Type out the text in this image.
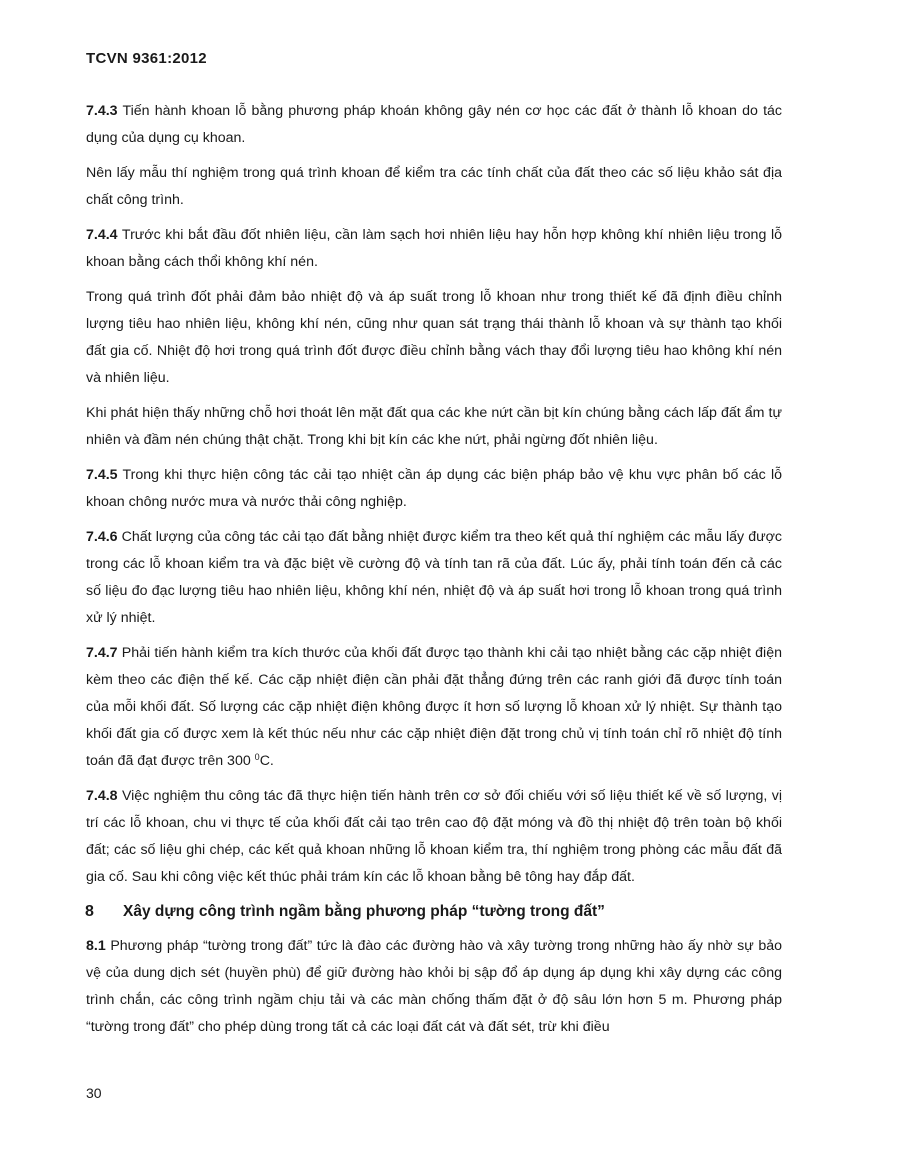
TCVN 9361:2012

7.4.3 Tiến hành khoan lỗ bằng phương pháp khoán không gây nén cơ học các đất ở thành lỗ khoan do tác dụng của dụng cụ khoan.

Nên lấy mẫu thí nghiệm trong quá trình khoan để kiểm tra các tính chất của đất theo các số liệu khảo sát địa chất công trình.

7.4.4 Trước khi bắt đầu đốt nhiên liệu, cần làm sạch hơi nhiên liệu hay hỗn hợp không khí nhiên liệu trong lỗ khoan bằng cách thổi không khí nén.

Trong quá trình đốt phải đảm bảo nhiệt độ và áp suất trong lỗ khoan như trong thiết kế đã định điều chỉnh lượng tiêu hao nhiên liệu, không khí nén, cũng như quan sát trạng thái thành lỗ khoan và sự thành tạo khối đất gia cố. Nhiệt độ hơi trong quá trình đốt được điều chỉnh bằng vách thay đổi lượng tiêu hao không khí nén và nhiên liệu.

Khi phát hiện thấy những chỗ hơi thoát lên mặt đất qua các khe nứt cần bịt kín chúng bằng cách lấp đất ẩm tự nhiên và đầm nén chúng thật chặt. Trong khi bịt kín các khe nứt, phải ngừng đốt nhiên liệu.

7.4.5 Trong khi thực hiện công tác cải tạo nhiệt cần áp dụng các biện pháp bảo vệ khu vực phân bố các lỗ khoan chông nước mưa và nước thải công nghiệp.

7.4.6 Chất lượng của công tác cải tạo đất bằng nhiệt được kiểm tra theo kết quả thí nghiệm các mẫu lấy được trong các lỗ khoan kiểm tra và đặc biệt về cường độ và tính tan rã của đất. Lúc ấy, phải tính toán đến cả các số liệu đo đạc lượng tiêu hao nhiên liệu, không khí nén, nhiệt độ và áp suất hơi trong lỗ khoan trong quá trình xử lý nhiệt.

7.4.7 Phải tiến hành kiểm tra kích thước của khối đất được tạo thành khi cải tạo nhiệt bằng các cặp nhiệt điện kèm theo các điện thế kế. Các cặp nhiệt điện cần phải đặt thẳng đứng trên các ranh giới đã được tính toán của mỗi khối đất. Số lượng các cặp nhiệt điện không được ít hơn số lượng lỗ khoan xử lý nhiệt. Sự thành tạo khối đất gia cố được xem là kết thúc nếu như các cặp nhiệt điện đặt trong chủ vị tính toán chỉ rõ nhiệt độ tính toán đã đạt được trên 300 $^0$C.

7.4.8 Việc nghiệm thu công tác đã thực hiện tiến hành trên cơ sở đối chiếu với số liệu thiết kế về số lượng, vị trí các lỗ khoan, chu vi thực tế của khối đất cải tạo trên cao độ đặt móng và đồ thị nhiệt độ trên toàn bộ khối đất; các số liệu ghi chép, các kết quả khoan những lỗ khoan kiểm tra, thí nghiệm trong phòng các mẫu đất đã gia cố. Sau khi công việc kết thúc phải trám kín các lỗ khoan bằng bê tông hay đắp đất.

8 Xây dựng công trình ngầm bằng phương pháp “tường trong đất”

8.1 Phương pháp “tường trong đất” tức là đào các đường hào và xây tường trong những hào ấy nhờ sự bảo vệ của dung dịch sét (huyền phù) để giữ đường hào khỏi bị sập đổ áp dụng áp dụng khi xây dựng các công trình chắn, các công trình ngầm chịu tải và các màn chống thấm đặt ở độ sâu lớn hơn 5 m. Phương pháp “tường trong đất” cho phép dùng trong tất cả các loại đất cát và đất sét, trừ khi điều

30
